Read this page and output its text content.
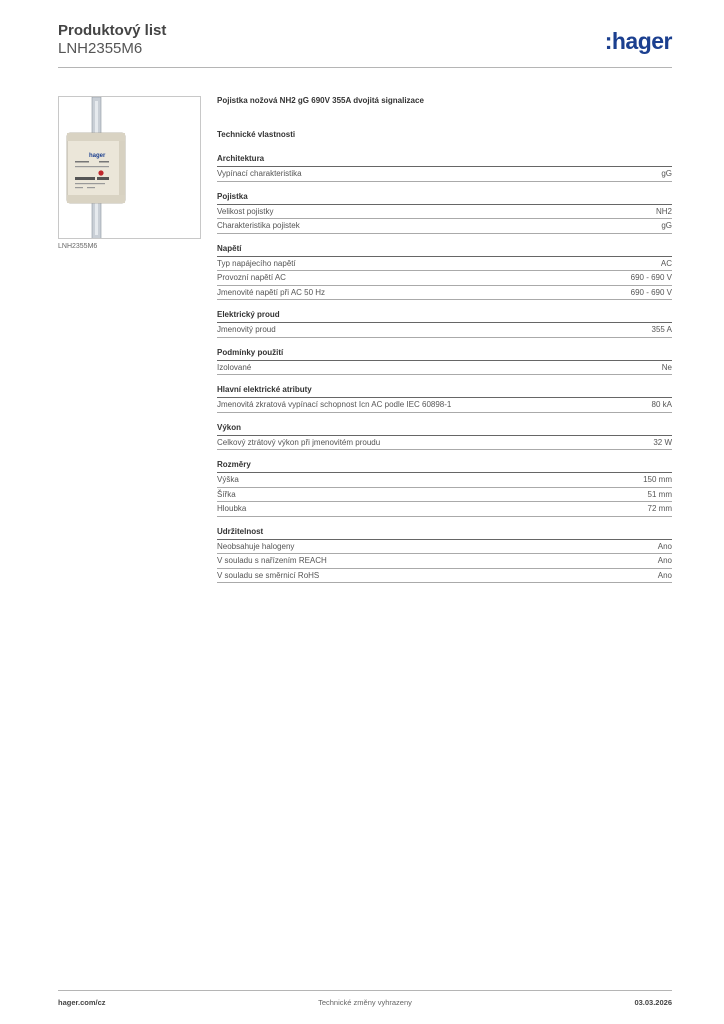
Produktový list
LNH2355M6	:hager
hager
LNH2355M6
Pojistka nožová NH2 gG 690V 355A dvojitá signalizace
Technické vlastnosti
Architektura
Vypínací charakteristika	gG
Pojistka
Velikost pojistky	NH2
Charakteristika pojistek	gG
Napětí
Typ napájecího napětí	AC
Provozní napětí AC	690 - 690 V
Jmenovité napětí při AC 50 Hz	690 - 690 V
Elektrický proud
Jmenovitý proud	355 A
Podmínky použití
Izolované	Ne
Hlavní elektrické atributy
Jmenovitá zkratová vypínací schopnost Icn AC podle IEC 60898-1	80 kA
Výkon
Celkový ztrátový výkon při jmenovitém proudu	32 W
Rozměry
Výška	150 mm
Šířka	51 mm
Hloubka	72 mm
Udržitelnost
Neobsahuje halogeny	Ano
V souladu s nařízením REACH	Ano
V souladu se směrnicí RoHS	Ano
hager.com/cz	Technické změny vyhrazeny	03.03.2026
